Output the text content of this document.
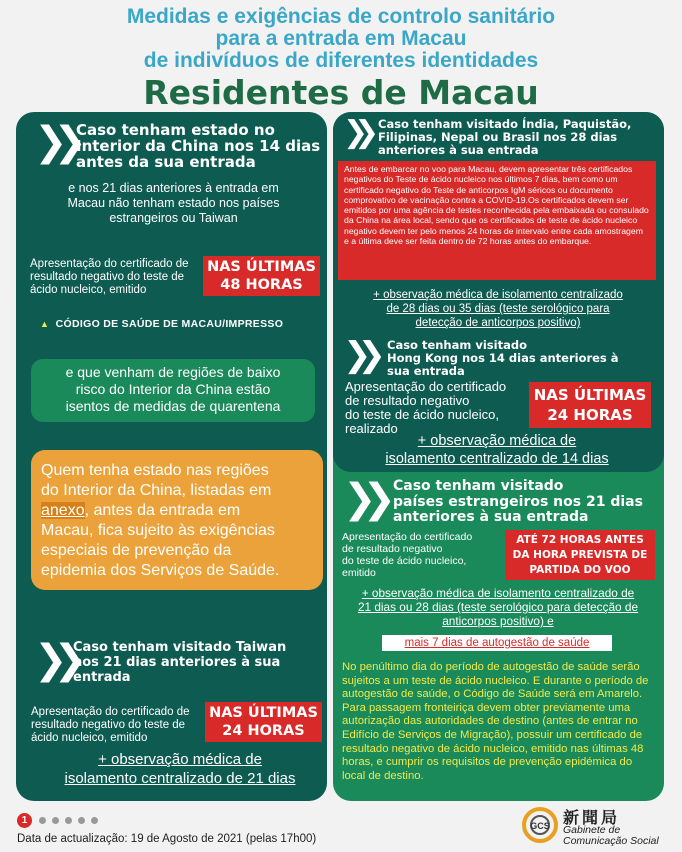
Medidas e exigências de controlo sanitário
para a entrada em Macau
de indivíduos de diferentes identidades
Residentes de Macau
❯❯ Caso tenham estado no
Interior da China nos 14 dias
antes da sua entrada
e nos 21 dias anteriores à entrada em
Macau não tenham estado nos países
estrangeiros ou Taiwan
Apresentação do certificado de
resultado negativo do teste de
ácido nucleico, emitido
NAS ÚLTIMAS
48 HORAS
▲ CÓDIGO DE SAÚDE DE MACAU/IMPRESSO
e que venham de regiões de baixo
risco do Interior da China estão
isentos de medidas de quarentena
Quem tenha estado nas regiões
do Interior da China, listadas em
anexo, antes da entrada em
Macau, fica sujeito às exigências
especiais de prevenção da
epidemia dos Serviços de Saúde.
❯❯ Caso tenham visitado Taiwan
nos 21 dias anteriores à sua
entrada
Apresentação do certificado de
resultado negativo do teste de
ácido nucleico, emitido
NAS ÚLTIMAS
24 HORAS
+ observação médica de
isolamento centralizado de 21 dias
❯❯ Caso tenham visitado Índia, Paquistão,
Filipinas, Nepal ou Brasil nos 28 dias
anteriores à sua entrada
Antes de embarcar no voo para Macau, devem apresentar três certificados negativos do Teste de ácido nucleico nos últimos 7 dias, bem como um certificado negativo do Teste de anticorpos IgM séricos ou documento comprovativo de vacinação contra a COVID-19.Os certificados devem ser emitidos por uma agência de testes reconhecida pela embaixada ou consulado da China na área local, sendo que os certificados de teste de ácido nucleico negativo devem ter pelo menos 24 horas de intervalo entre cada amostragem e a última deve ser feita dentro de 72 horas antes do embarque.
+ observação médica de isolamento centralizado
de 28 dias ou 35 dias (teste serológico para
detecção de anticorpos positivo)
❯❯ Caso tenham visitado
Hong Kong nos 14 dias anteriores à
sua entrada
Apresentação do certificado
de resultado negativo
do teste de ácido nucleico,
realizado
NAS ÚLTIMAS
24 HORAS
+ observação médica de
isolamento centralizado de 14 dias
❯❯ Caso tenham visitado
países estrangeiros nos 21 dias
anteriores à sua entrada
Apresentação do certificado
de resultado negativo
do teste de ácido nucleico,
emitido
ATÉ 72 HORAS ANTES
DA HORA PREVISTA DE
PARTIDA DO VOO
+ observação médica de isolamento centralizado de
21 dias ou 28 dias (teste serológico para detecção de
anticorpos positivo) e
mais 7 dias de autogestão de saúde
No penúltimo dia do período de autogestão de saúde serão sujeitos a um teste de ácido nucleico. E durante o período de autogestão de saúde, o Código de Saúde será em Amarelo. Para passagem fronteiriça devem obter previamente uma autorização das autoridades de destino (antes de entrar no Edifício de Serviços de Migração), possuir um certificado de resultado negativo de ácido nucleico, emitido nas últimas 48 horas, e cumprir os requisitos de prevenção epidémica do local de destino.
1
Data de actualização: 19 de Agosto de 2021 (pelas 17h00)
GCS 新聞局
Gabinete de
Comunicação Social
